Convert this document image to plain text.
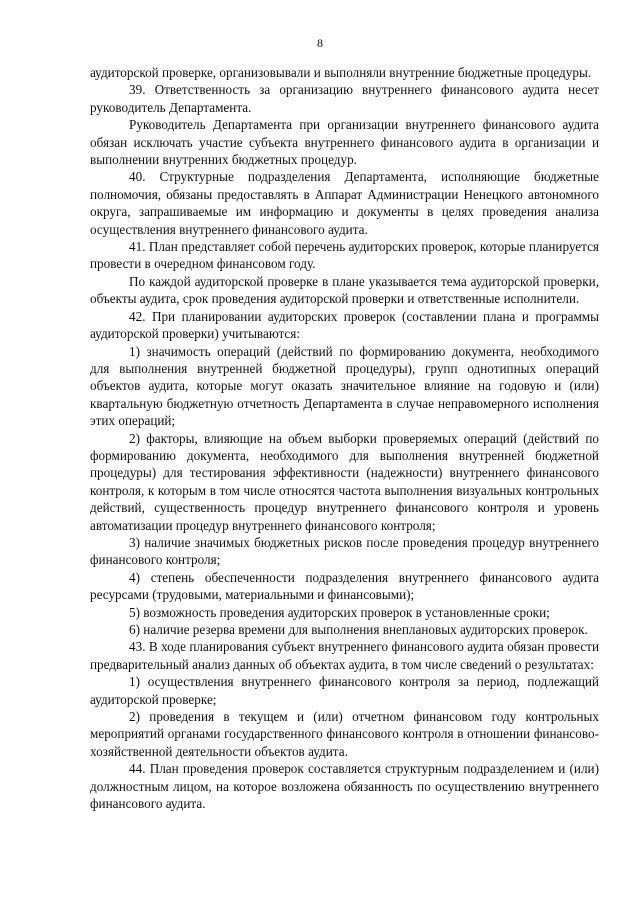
8

аудиторской проверке, организовывали и выполняли внутренние бюджетные процедуры.

39. Ответственность за организацию внутреннего финансового аудита несет руководитель Департамента.

Руководитель Департамента при организации внутреннего финансового аудита обязан исключать участие субъекта внутреннего финансового аудита в организации и выполнении внутренних бюджетных процедур.

40. Структурные подразделения Департамента, исполняющие бюджетные полномочия, обязаны предоставлять в Аппарат Администрации Ненецкого автономного округа, запрашиваемые им информацию и документы в целях проведения анализа осуществления внутреннего финансового аудита.

41. План представляет собой перечень аудиторских проверок, которые планируется провести в очередном финансовом году.

По каждой аудиторской проверке в плане указывается тема аудиторской проверки, объекты аудита, срок проведения аудиторской проверки и ответственные исполнители.

42. При планировании аудиторских проверок (составлении плана и программы аудиторской проверки) учитываются:

1) значимость операций (действий по формированию документа, необходимого для выполнения внутренней бюджетной процедуры), групп однотипных операций объектов аудита, которые могут оказать значительное влияние на годовую и (или) квартальную бюджетную отчетность Департамента в случае неправомерного исполнения этих операций;

2) факторы, влияющие на объем выборки проверяемых операций (действий по формированию документа, необходимого для выполнения внутренней бюджетной процедуры) для тестирования эффективности (надежности) внутреннего финансового контроля, к которым в том числе относятся частота выполнения визуальных контрольных действий, существенность процедур внутреннего финансового контроля и уровень автоматизации процедур внутреннего финансового контроля;

3) наличие значимых бюджетных рисков после проведения процедур внутреннего финансового контроля;

4) степень обеспеченности подразделения внутреннего финансового аудита ресурсами (трудовыми, материальными и финансовыми);

5) возможность проведения аудиторских проверок в установленные сроки;

6) наличие резерва времени для выполнения внеплановых аудиторских проверок.

43. В ходе планирования субъект внутреннего финансового аудита обязан провести предварительный анализ данных об объектах аудита, в том числе сведений о результатах:

1) осуществления внутреннего финансового контроля за период, подлежащий аудиторской проверке;

2) проведения в текущем и (или) отчетном финансовом году контрольных мероприятий органами государственного финансового контроля в отношении финансово-хозяйственной деятельности объектов аудита.

44. План проведения проверок составляется структурным подразделением и (или) должностным лицом, на которое возложена обязанность по осуществлению внутреннего финансового аудита.
